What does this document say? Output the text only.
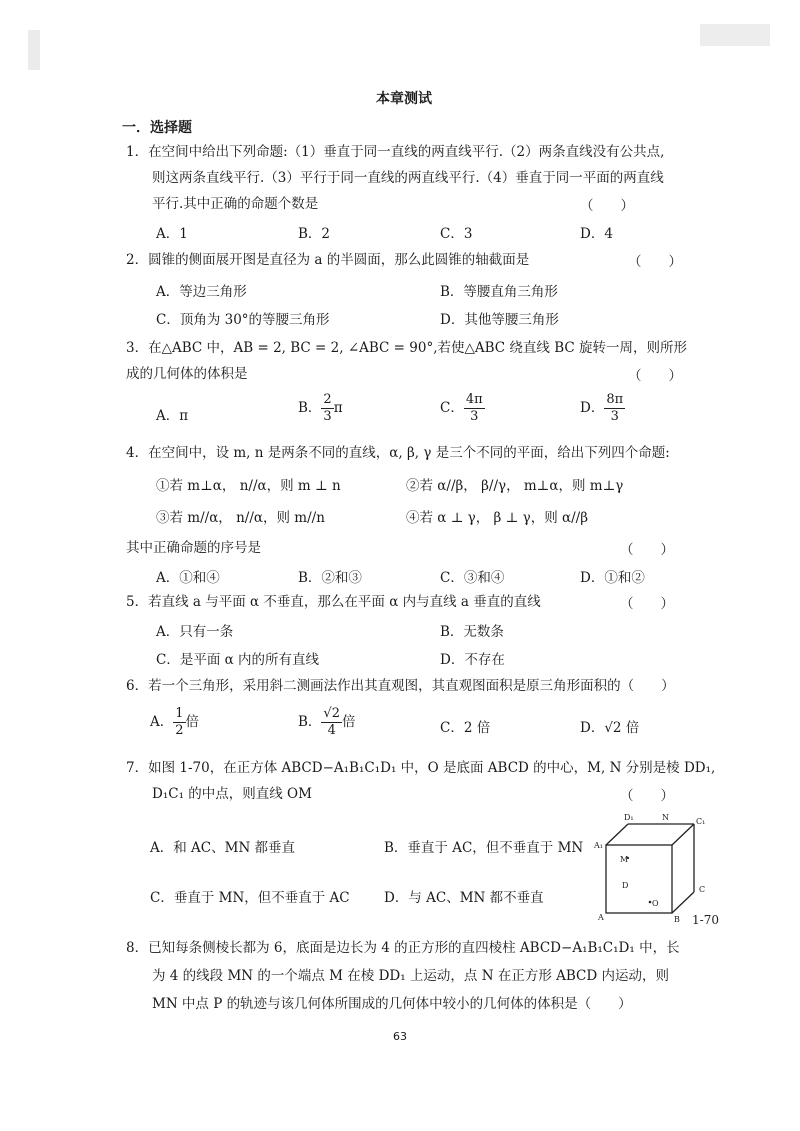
本章测试
一．选择题
1．在空间中给出下列命题:（1）垂直于同一直线的两直线平行.（2）两条直线没有公共点,
则这两条直线平行.（3）平行于同一直线的两直线平行.（4）垂直于同一平面的两直线
平行.其中正确的命题个数是	（　　）
A．1	B．2	C．3	D．4
2．圆锥的侧面展开图是直径为 a 的半圆面，那么此圆锥的轴截面是	（　　）
A．等边三角形	B．等腰直角三角形
C．顶角为 30°的等腰三角形	D．其他等腰三角形
3．在△ABC 中，AB = 2, BC = 2, ∠ABC = 90°,若使△ABC 绕直线 BC 旋转一周，则所形
成的几何体的体积是	（　　）
A．π	B． $\frac{2}{3}$ π	C． $\frac{4\pi}{3}$	D． $\frac{8\pi}{3}$
4．在空间中，设 m, n 是两条不同的直线，α, β, γ 是三个不同的平面，给出下列四个命题:
①若 m⊥α， n//α，则 m ⊥ n	②若 α//β， β//γ， m⊥α，则 m⊥γ
③若 m//α， n//α，则 m//n	④若 α ⊥ γ， β ⊥ γ，则 α//β
其中正确命题的序号是	（　　）
A．①和④	B．②和③	C．③和④	D．①和②
5．若直线 a 与平面 α 不垂直，那么在平面 α 内与直线 a 垂直的直线	（　　）
A．只有一条	B．无数条
C．是平面 α 内的所有直线	D．不存在
6．若一个三角形，采用斜二测画法作出其直观图，其直观图面积是原三角形面积的（　　）
A． $\frac{1}{2}$ 倍	B． $\frac{√2}{4}$ 倍	C．2 倍	D．√2 倍
7．如图 1-70，在正方体 ABCD−A₁B₁C₁D₁ 中，O 是底面 ABCD 的中心，M, N 分别是棱 DD₁,
D₁C₁ 的中点，则直线 OM	（　　）
A．和 AC、MN 都垂直	B．垂直于 AC，但不垂直于 MN
C．垂直于 MN，但不垂直于 AC	D．与 AC、MN 都不垂直
D₁	N	C₁
A₁
M
D
O
C
A	B 1-70
8．已知每条侧棱长都为 6，底面是边长为 4 的正方形的直四棱柱 ABCD−A₁B₁C₁D₁ 中，长
为 4 的线段 MN 的一个端点 M 在棱 DD₁ 上运动，点 N 在正方形 ABCD 内运动，则
MN 中点 P 的轨迹与该几何体所围成的几何体中较小的几何体的体积是（　　）
63
